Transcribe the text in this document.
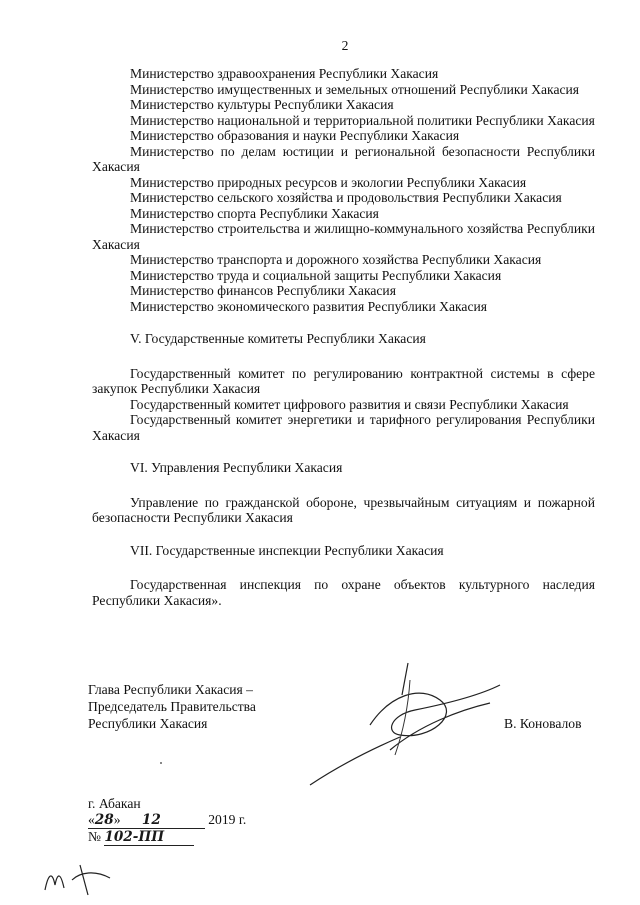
2

Министерство здравоохранения Республики Хакасия

Министерство имущественных и земельных отношений Республики Хакасия

Министерство культуры Республики Хакасия

Министерство национальной и территориальной политики Республики Хакасия

Министерство образования и науки Республики Хакасия

Министерство по делам юстиции и региональной безопасности Республики Хакасия

Министерство природных ресурсов и экологии Республики Хакасия

Министерство сельского хозяйства и продовольствия Республики Хакасия

Министерство спорта Республики Хакасия

Министерство строительства и жилищно-коммунального хозяйства Республики Хакасия

Министерство транспорта и дорожного хозяйства Республики Хакасия

Министерство труда и социальной защиты Республики Хакасия

Министерство финансов Республики Хакасия

Министерство экономического развития Республики Хакасия

V. Государственные комитеты Республики Хакасия

Государственный комитет по регулированию контрактной системы в сфере закупок Республики Хакасия

Государственный комитет цифрового развития и связи Республики Хакасия

Государственный комитет энергетики и тарифного регулирования Республики Хакасия

VI. Управления Республики Хакасия

Управление по гражданской обороне, чрезвычайным ситуациям и пожарной безопасности Республики Хакасия

VII. Государственные инспекции Республики Хакасия

Государственная инспекция по охране объектов культурного наследия Республики Хакасия».

Глава Республики Хакасия –
Председатель Правительства
Республики Хакасия	В. Коновалов
г. Абакан
«28» 12	2019 г.
№ 102-ПП
